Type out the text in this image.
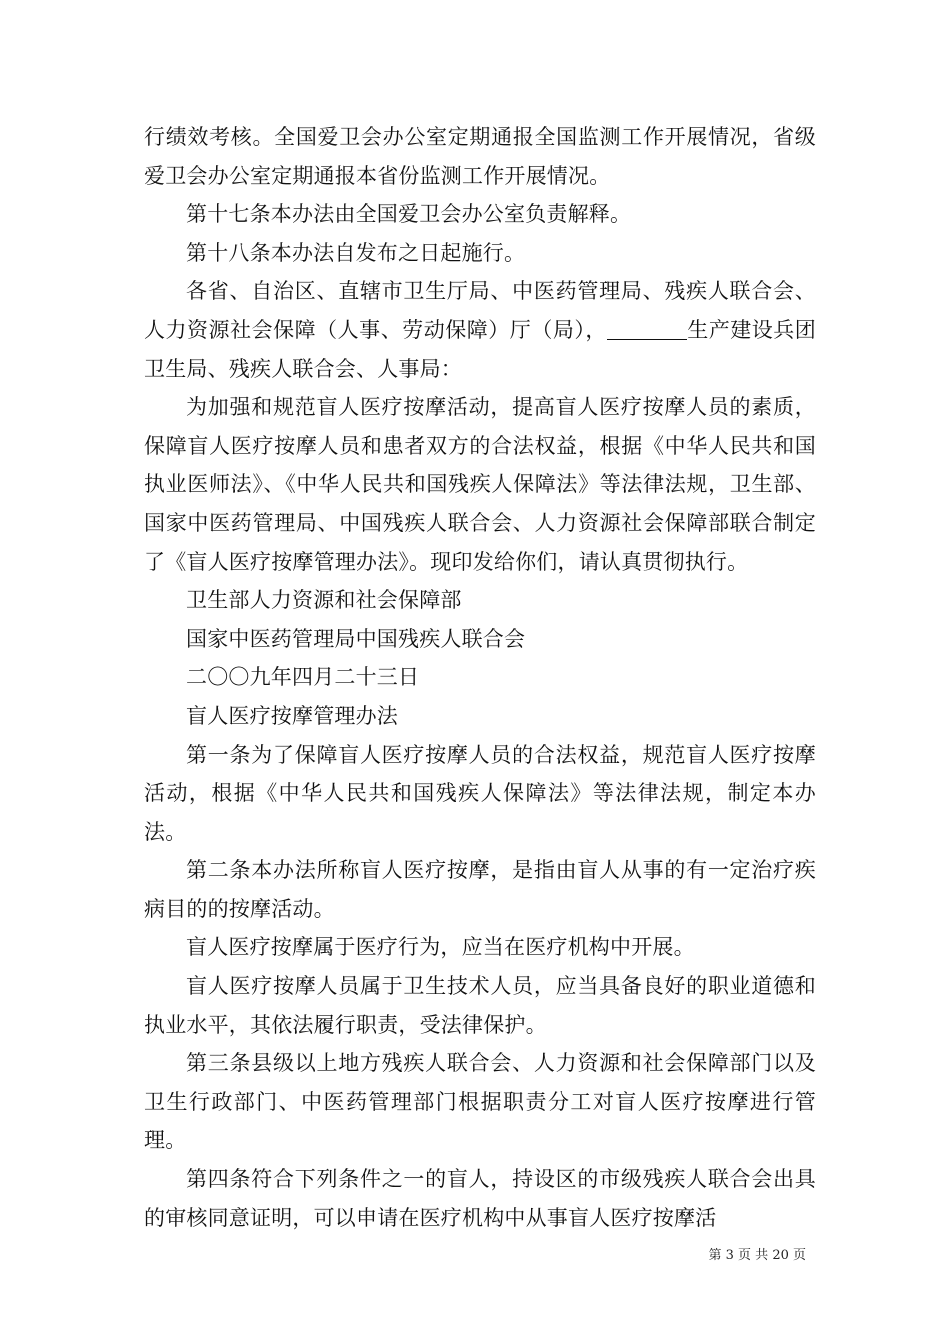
行绩效考核。全国爱卫会办公室定期通报全国监测工作开展情况，省级爱卫会办公室定期通报本省份监测工作开展情况。

第十七条本办法由全国爱卫会办公室负责解释。

第十八条本办法自发布之日起施行。

各省、自治区、直辖市卫生厅局、中医药管理局、残疾人联合会、人力资源社会保障（人事、劳动保障）厅（局），	生产建设兵团卫生局、残疾人联合会、人事局：

为加强和规范盲人医疗按摩活动，提高盲人医疗按摩人员的素质，保障盲人医疗按摩人员和患者双方的合法权益，根据《中华人民共和国执业医师法》、《中华人民共和国残疾人保障法》等法律法规，卫生部、国家中医药管理局、中国残疾人联合会、人力资源社会保障部联合制定了《盲人医疗按摩管理办法》。现印发给你们，请认真贯彻执行。

卫生部人力资源和社会保障部

国家中医药管理局中国残疾人联合会

二〇〇九年四月二十三日

盲人医疗按摩管理办法

第一条为了保障盲人医疗按摩人员的合法权益，规范盲人医疗按摩活动，根据《中华人民共和国残疾人保障法》等法律法规，制定本办法。

第二条本办法所称盲人医疗按摩，是指由盲人从事的有一定治疗疾病目的的按摩活动。

盲人医疗按摩属于医疗行为，应当在医疗机构中开展。

盲人医疗按摩人员属于卫生技术人员，应当具备良好的职业道德和执业水平，其依法履行职责，受法律保护。

第三条县级以上地方残疾人联合会、人力资源和社会保障部门以及卫生行政部门、中医药管理部门根据职责分工对盲人医疗按摩进行管理。

第四条符合下列条件之一的盲人，持设区的市级残疾人联合会出具的审核同意证明，可以申请在医疗机构中从事盲人医疗按摩活

第 3 页 共 20 页
